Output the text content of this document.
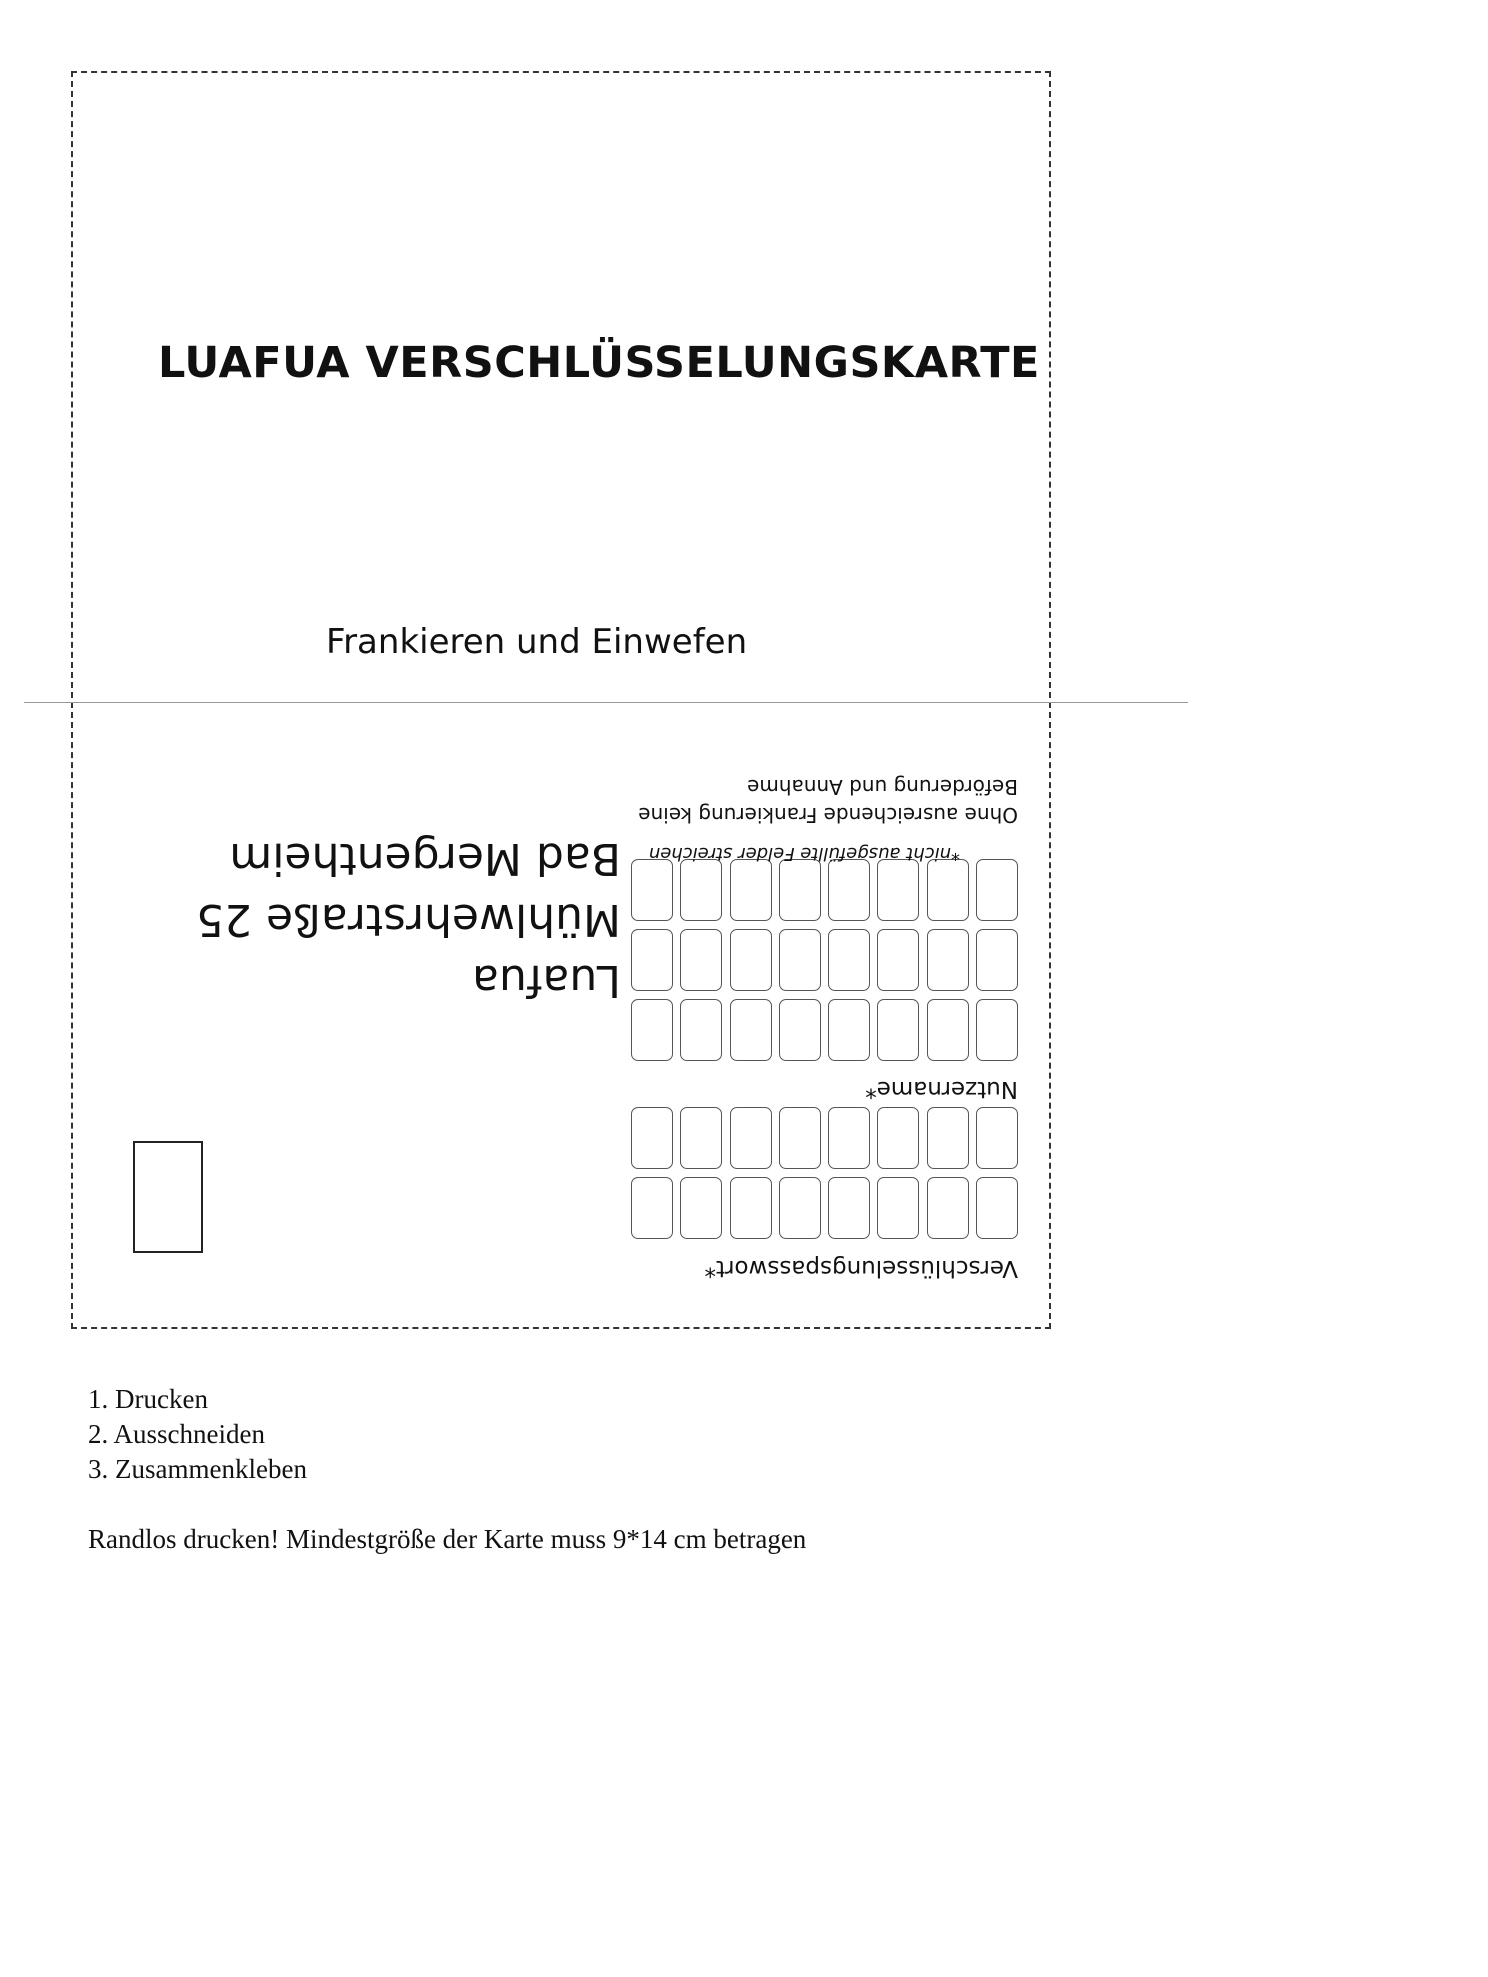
LUAFUA VERSCHLÜSSELUNGSKARTE
Frankieren und Einwefen
Verschlüsselungspasswort*
Nutzername*
*nicht ausgefüllte Felder streichen
Ohne ausreichende Frankierung keine
Beförderung und Annahme
Luafua
Mühlwehrstraße 25
Bad Mergentheim
1. Drucken
2. Ausschneiden
3. Zusammenkleben
Randlos drucken! Mindestgröße der Karte muss 9*14 cm betragen
